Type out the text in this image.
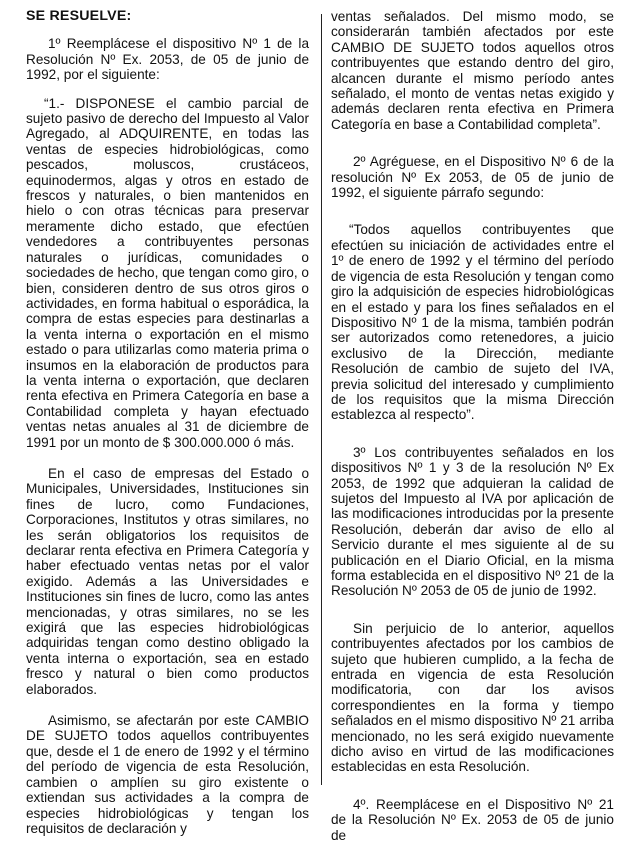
SE RESUELVE:

1º Reemplácese el dispositivo Nº 1 de la Resolución Nº Ex. 2053, de 05 de junio de 1992, por el siguiente:

“1.- DISPONESE el cambio parcial de sujeto pasivo de derecho del Impuesto al Valor Agregado, al ADQUIRENTE, en todas las ventas de especies hidrobiológicas, como pescados, moluscos, crustáceos, equinodermos, algas y otros en estado de frescos y naturales, o bien mantenidos en hielo o con otras técnicas para preservar meramente dicho estado, que efectúen vendedores a contribuyentes personas naturales o jurídicas, comunidades o sociedades de hecho, que tengan como giro, o bien, consideren dentro de sus otros giros o actividades, en forma habitual o esporádica, la compra de estas especies para destinarlas a la venta interna o exportación en el mismo estado o para utilizarlas como materia prima o insumos en la elaboración de productos para la venta interna o exportación, que declaren renta efectiva en Primera Categoría en base a Contabilidad completa y hayan efectuado ventas netas anuales al 31 de diciembre de 1991 por un monto de $ 300.000.000 ó más.

En el caso de empresas del Estado o Municipales, Universidades, Instituciones sin fines de lucro, como Fundaciones, Corporaciones, Institutos y otras similares, no les serán obligatorios los requisitos de declarar renta efectiva en Primera Categoría y haber efectuado ventas netas por el valor exigido. Además a las Universidades e Instituciones sin fines de lucro, como las antes mencionadas, y otras similares, no se les exigirá que las especies hidrobiológicas adquiridas tengan como destino obligado la venta interna o exportación, sea en estado fresco y natural o bien como productos elaborados.

Asimismo, se afectarán por este CAMBIO DE SUJETO todos aquellos contribuyentes que, desde el 1 de enero de 1992 y el término del período de vigencia de esta Resolución, cambien o amplíen su giro existente o extiendan sus actividades a la compra de especies hidrobiológicas y tengan los requisitos de declaración y

ventas señalados. Del mismo modo, se considerarán también afectados por este CAMBIO DE SUJETO todos aquellos otros contribuyentes que estando dentro del giro, alcancen durante el mismo período antes señalado, el monto de ventas netas exigido y además declaren renta efectiva en Primera Categoría en base a Contabilidad completa”.

2º Agréguese, en el Dispositivo Nº 6 de la resolución Nº Ex 2053, de 05 de junio de 1992, el siguiente párrafo segundo:

“Todos aquellos contribuyentes que efectúen su iniciación de actividades entre el 1º de enero de 1992 y el término del período de vigencia de esta Resolución y tengan como giro la adquisición de especies hidrobiológicas en el estado y para los fines señalados en el Dispositivo Nº 1 de la misma, también podrán ser autorizados como retenedores, a juicio exclusivo de la Dirección, mediante Resolución de cambio de sujeto del IVA, previa solicitud del interesado y cumplimiento de los requisitos que la misma Dirección establezca al respecto”.

3º Los contribuyentes señalados en los dispositivos Nº 1 y 3 de la resolución Nº Ex 2053, de 1992 que adquieran la calidad de sujetos del Impuesto al IVA por aplicación de las modificaciones introducidas por la presente Resolución, deberán dar aviso de ello al Servicio durante el mes siguiente al de su publicación en el Diario Oficial, en la misma forma establecida en el dispositivo Nº 21 de la Resolución Nº 2053 de 05 de junio de 1992.

Sin perjuicio de lo anterior, aquellos contribuyentes afectados por los cambios de sujeto que hubieren cumplido, a la fecha de entrada en vigencia de esta Resolución modificatoria, con dar los avisos correspondientes en la forma y tiempo señalados en el mismo dispositivo Nº 21 arriba mencionado, no les será exigido nuevamente dicho aviso en virtud de las modificaciones establecidas en esta Resolución.

4º. Reemplácese en el Dispositivo Nº 21 de la Resolución Nº Ex. 2053 de 05 de junio de
